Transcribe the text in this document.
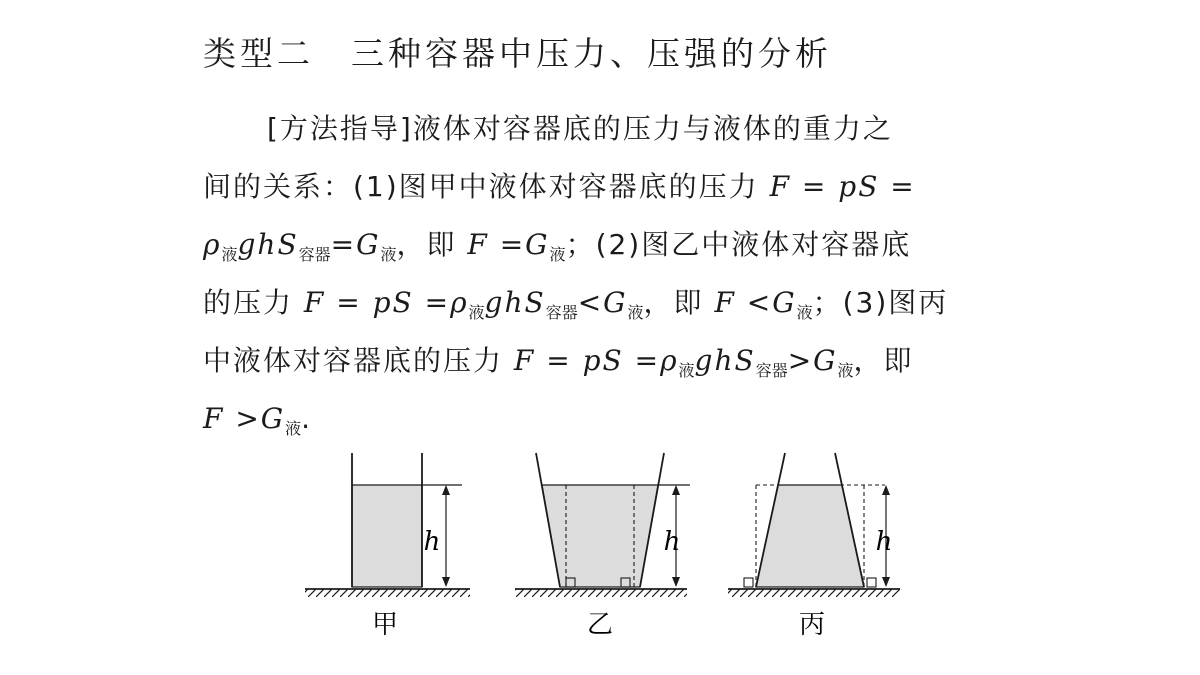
类型二　三种容器中压力、压强的分析
[方法指导]液体对容器底的压力与液体的重力之
间的关系：(1)图甲中液体对容器底的压力 F = pS =
$\rho_液ghS_{容器}=G_液$，即 $F =G_液$；(2)图乙中液体对容器底
的压力 F = pS $=\rho_液ghS_{容器}<G_液$，即 $F <G_液$；(3)图丙
中液体对容器底的压力 F = pS $=\rho_液ghS_{容器}>G_液$，即
$F >G_液$.
h
甲
h
乙
h
丙
